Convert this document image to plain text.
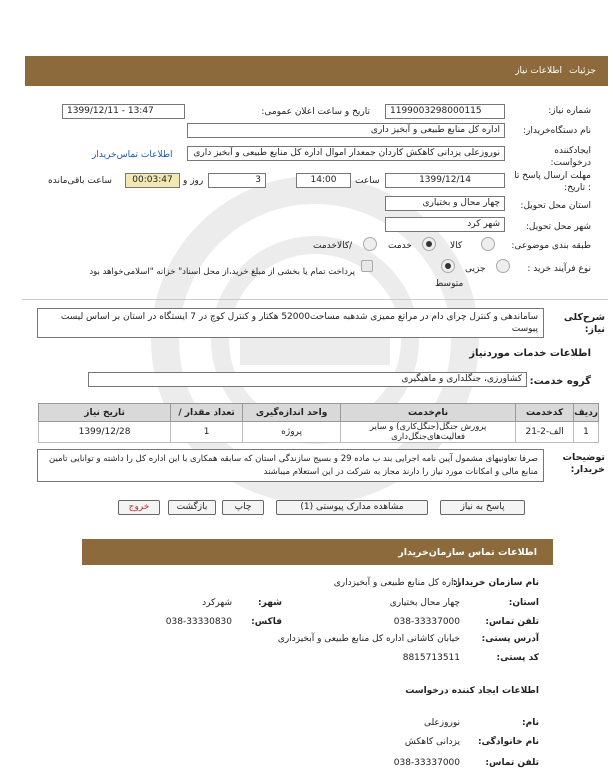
جزئیات
اطلاعات نیاز
شماره نیاز:
1199003298000115
تاریخ و ساعت اعلان عمومی:
1399/12/11 - 13:47
نام دستگاه‌خریدار:
اداره کل منابع طبیعی و آبخیز داری
ایجادکننده درخواست:
نوروزعلی یزدانی کاهکش کاردان جمعدار اموال اداره کل منابع طبیعی و آبخیز داری
اطلاعات تماس‌خریدار
مهلت ارسال پاسخ تا : تاریخ:
1399/12/14
ساعت
14:00
3
روز و
00:03:47
ساعت باقی‌مانده
استان محل تحویل:
چهار محال و بختیاری
شهر محل تحویل:
شهر کرد
طبقه بندی موضوعی:
کالا
خدمت
/کالاخدمت
نوع فرآیند خرید :
جزیی
متوسط
پرداخت تمام یا بخشی از مبلغ خرید،از محل اسناد" خزانه "اسلامی‌خواهد بود
شرح‌کلی نیاز:
ساماندهی و کنترل چرای دام در مراتع ممیزی شدهبه مساحت52000 هکتار و کنترل کوچ در 7 ایستگاه در استان بر اساس لیست پیوست
اطلاعات خدمات موردنیاز
گروه خدمت:
کشاورزی، جنگلداری و ماهیگیری
ردیف	کدخدمت	نام‌خدمت	واحد اندازه‌گیری	تعداد مقدار /	تاریخ نیاز
1	الف-2-21	پرورش جنگل(جنگل‌کاری) و سایر فعالیت‌های‌جنگل‌داری	پروژه	1	1399/12/28
توضیحات خریدار:
صرفا تعاونیهای مشمول آیین نامه اجرایی بند ب ماده 29 و بسیج سازندگی استان که سابقه همکاری با این اداره کل را داشته و توانایی تامین منابع مالی و امکانات مورد نیاز را دارند مجاز به شرکت در این استعلام میباشند
پاسخ به نیاز
مشاهده مدارک پیوستی (1)
چاپ
بازگشت
خروج
اطلاعات تماس سازمان‌خریدار
نام سازمان خریدار:
اداره کل منابع طبیعی و آبخیزداری
استان:
چهار محال بختیاری
شهر:
شهرکرد
تلفن تماس:
038-33337000
فاکس:
038-33330830
آدرس پستی:
خیابان کاشانی اداره کل منابع طبیعی و آبخیزداری
کد پستی:
8815713511
اطلاعات ایجاد کننده درخواست
نام:
نوروزعلی
نام خانوادگی:
یزدانی کاهکش
تلفن تماس:
038-33337000
